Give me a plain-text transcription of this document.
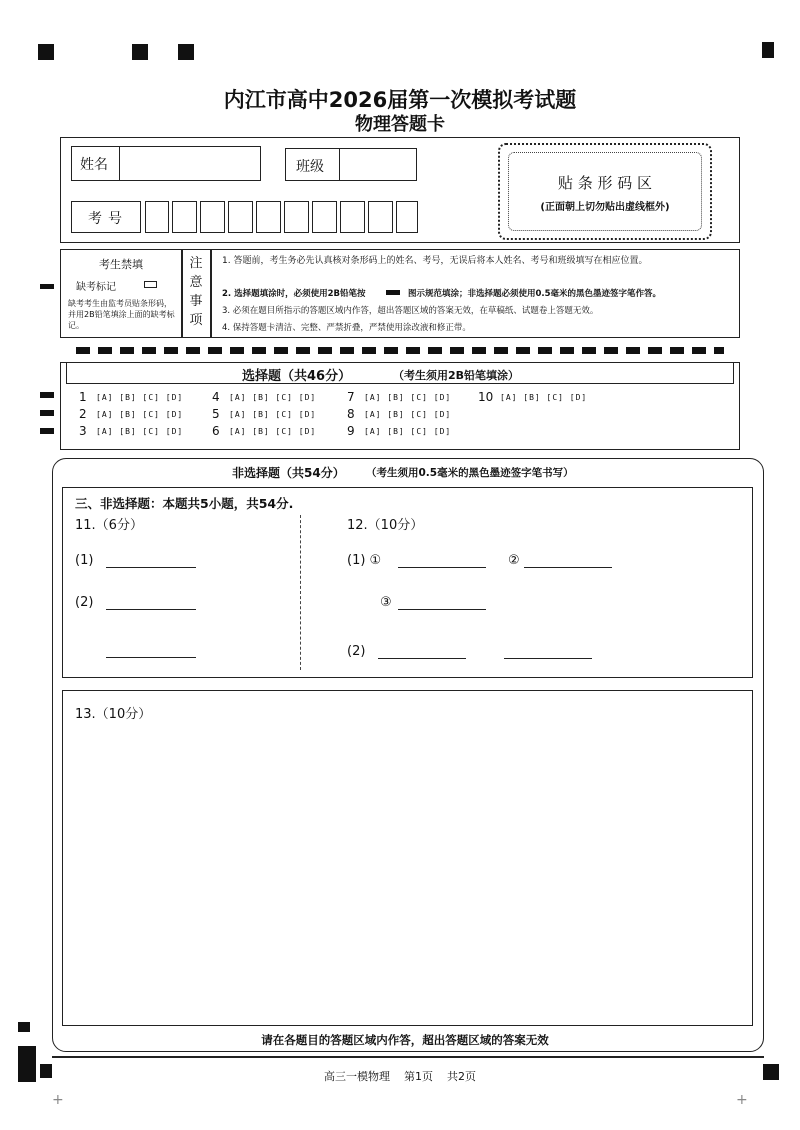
+	+
内江市高中2026届第一次模拟考试题
物理答题卡
姓名	班级
考号
贴 条 形 码 区
(正面朝上切勿贴出虚线框外)
考生禁填
缺考标记
缺考考生由监考员贴条形码，并用2B铅笔填涂上面的缺考标记。
注意事项
1. 答题前，考生务必先认真核对条形码上的姓名、考号，无误后将本人姓名、考号和班级填写在相应位置。
2. 选择题填涂时，必须使用2B铅笔按	图示规范填涂；非选择题必须使用0.5毫米的黑色墨迹签字笔作答。
3. 必须在题目所指示的答题区域内作答，超出答题区域的答案无效，在草稿纸、试题卷上答题无效。
4. 保持答题卡清洁、完整、严禁折叠，严禁使用涂改液和修正带。
选择题（共46分）	（考生须用2B铅笔填涂）
1 [A] [B] [C] [D]
2 [A] [B] [C] [D]
3 [A] [B] [C] [D]
4 [A] [B] [C] [D]
5 [A] [B] [C] [D]
6 [A] [B] [C] [D]
7 [A] [B] [C] [D]
8 [A] [B] [C] [D]
9 [A] [B] [C] [D]
10 [A] [B] [C] [D]
非选择题（共54分） （考生须用0.5毫米的黑色墨迹签字笔书写）
三、非选择题：本题共5小题，共54分.
11.（6分）
(1)
(2)
12.（10分）
(1) ①	②
③
(2)
13.（10分）
请在各题目的答题区域内作答，超出答题区域的答案无效
高三一模物理    第1页    共2页
